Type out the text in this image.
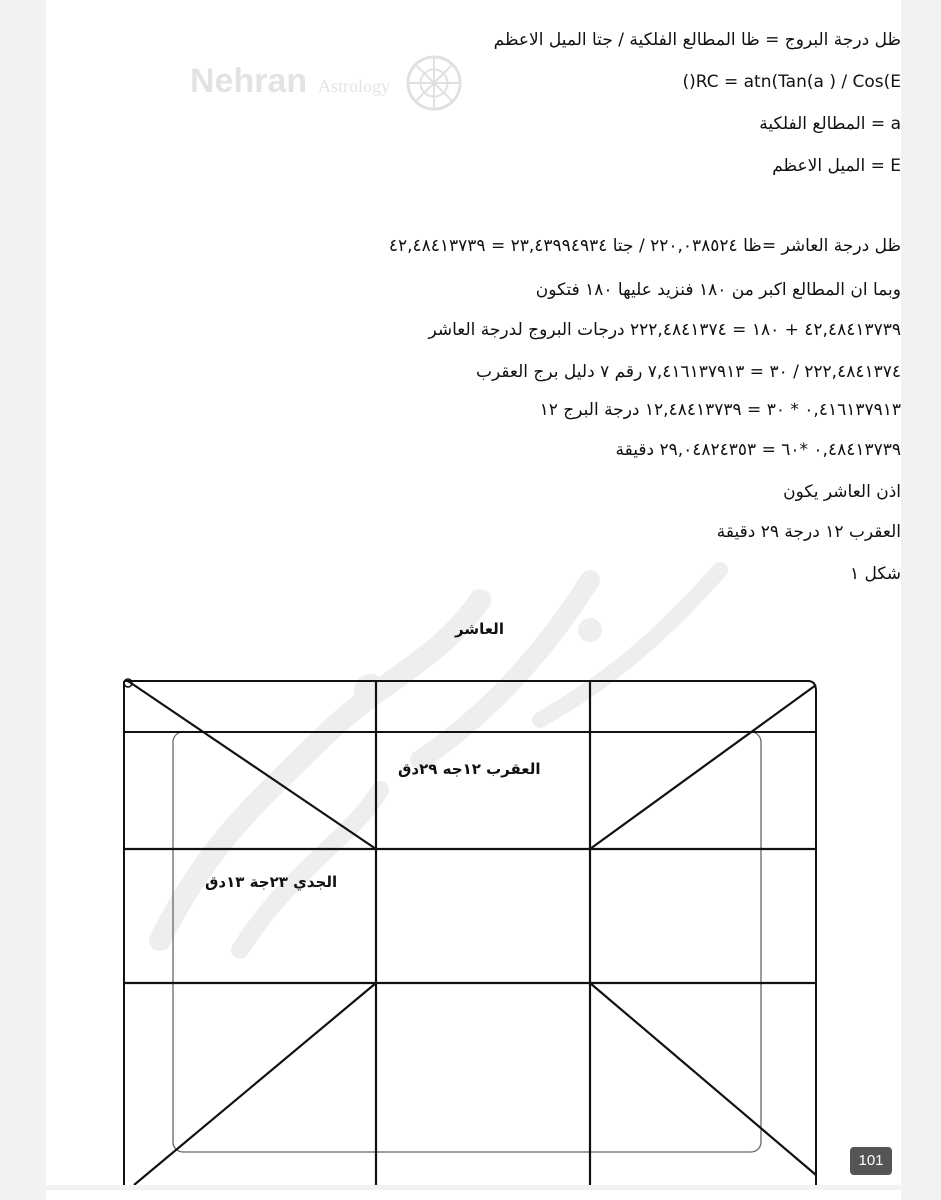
ظل درجة البروج = ظا المطالع الفلكية / جتا الميل الاعظم
()RC = atn(Tan(a ) / Cos(E
a = المطالع الفلكية
E = الميل الاعظم
ظل درجة العاشر =ظا ٢٢٠,٠٣٨٥٢٤ / جتا ٢٣,٤٣٩٩٤٩٣٤ = ٤٢,٤٨٤١٣٧٣٩
وبما ان المطالع اكبر من ١٨٠ فنزيد عليها ١٨٠ فتكون
٤٢,٤٨٤١٣٧٣٩ + ١٨٠ = ٢٢٢,٤٨٤١٣٧٤ درجات البروج لدرجة العاشر
٢٢٢,٤٨٤١٣٧٤ / ٣٠ = ٧,٤١٦١٣٧٩١٣ رقم ٧ دليل برج العقرب
٠,٤١٦١٣٧٩١٣ * ٣٠ = ١٢,٤٨٤١٣٧٣٩ درجة البرج ١٢
٠,٤٨٤١٣٧٣٩ *٦٠ = ٢٩,٠٤٨٢٤٣٥٣ دقيقة
اذن العاشر يكون
العقرب ١٢ درجة ٢٩ دقيقة
شكل ١
العاشر
العقرب ١٢جه ٢٩دق
الجدي ٢٣جة ١٣دق
101
